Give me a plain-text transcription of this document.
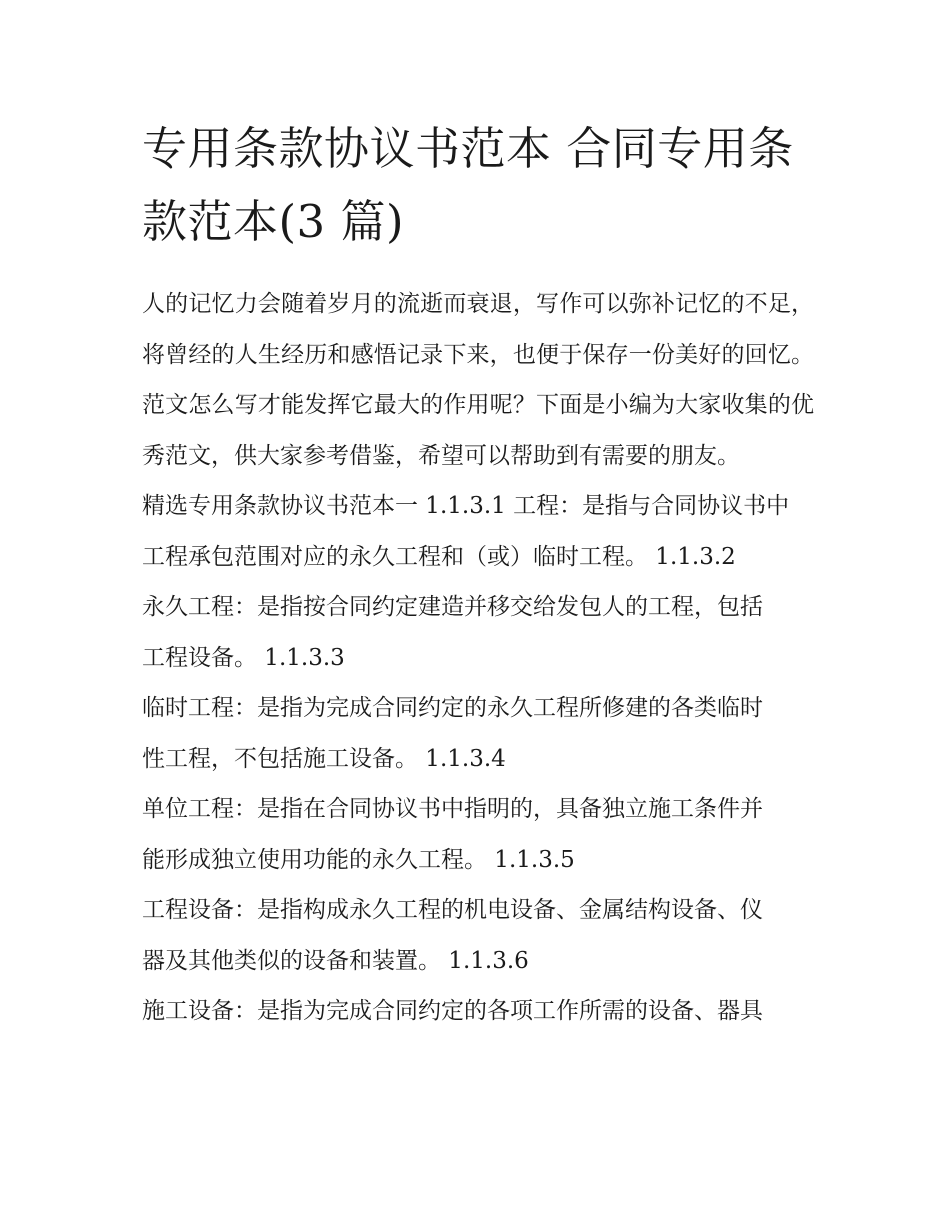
专用条款协议书范本 合同专用条款范本(3 篇)

人的记忆力会随着岁月的流逝而衰退，写作可以弥补记忆的不足，将曾经的人生经历和感悟记录下来，也便于保存一份美好的回忆。范文怎么写才能发挥它最大的作用呢？下面是小编为大家收集的优秀范文，供大家参考借鉴，希望可以帮助到有需要的朋友。

精选专用条款协议书范本一 1.1.3.1 工程：是指与合同协议书中
工程承包范围对应的永久工程和（或）临时工程。 1.1.3.2
永久工程：是指按合同约定建造并移交给发包人的工程，包括
工程设备。 1.1.3.3
临时工程：是指为完成合同约定的永久工程所修建的各类临时
性工程，不包括施工设备。 1.1.3.4
单位工程：是指在合同协议书中指明的，具备独立施工条件并
能形成独立使用功能的永久工程。 1.1.3.5
工程设备：是指构成永久工程的机电设备、金属结构设备、仪
器及其他类似的设备和装置。 1.1.3.6
施工设备：是指为完成合同约定的各项工作所需的设备、器具
